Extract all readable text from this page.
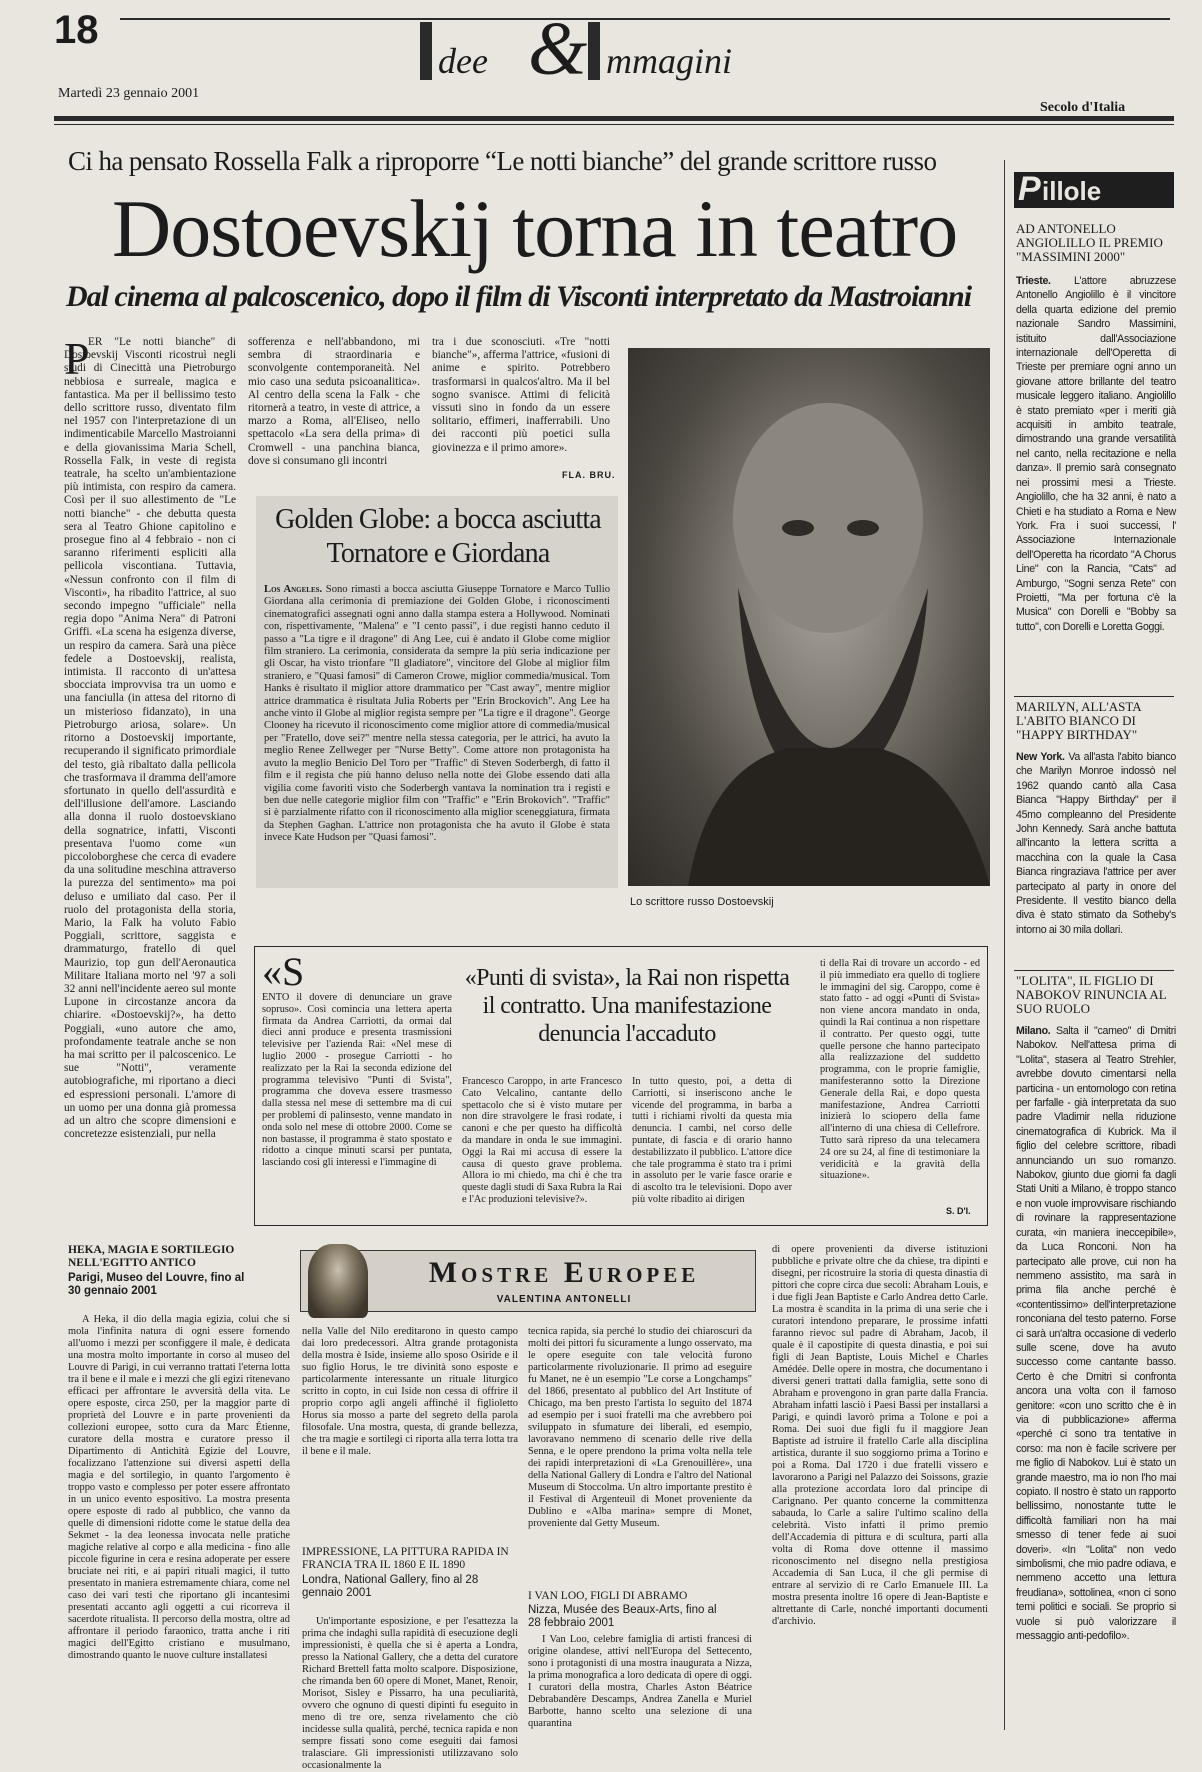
18
dee & mmagini
Martedì 23 gennaio 2001
Secolo d'Italia
Ci ha pensato Rossella Falk a riproporre “Le notti bianche” del grande scrittore russo
Dostoevskij torna in teatro
Dal cinema al palcoscenico, dopo il film di Visconti interpretato da Mastroianni
P
ER "Le notti bianche" di Dostoevskij Visconti ricostruì negli studi di Cinecittà una Pietroburgo nebbiosa e surreale, magica e fantastica. Ma per il bellissimo testo dello scrittore russo, diventato film nel 1957 con l'interpretazione di un indimenticabile Marcello Mastroianni e della giovanissima Maria Schell, Rossella Falk, in veste di regista teatrale, ha scelto un'ambientazione più intimista, con respiro da camera. Così per il suo allestimento de "Le notti bianche" - che debutta questa sera al Teatro Ghione capitolino e prosegue fino al 4 febbraio - non ci saranno riferimenti espliciti alla pellicola viscontiana. Tuttavia, «Nessun confronto con il film di Visconti», ha ribadito l'attrice, al suo secondo impegno "ufficiale" nella regia dopo "Anima Nera" di Patroni Griffi. «La scena ha esigenza diverse, un respiro da camera. Sarà una pièce fedele a Dostoevskij, realista, intimista. Il racconto di un'attesa sbocciata improvvisa tra un uomo e una fanciulla (in attesa del ritorno di un misterioso fidanzato), in una Pietroburgo ariosa, solare». Un ritorno a Dostoevskij importante, recuperando il significato primordiale del testo, già ribaltato dalla pellicola che trasformava il dramma dell'amore sfortunato in quello dell'assurdità e dell'illusione dell'amore. Lasciando alla donna il ruolo dostoevskiano della sognatrice, infatti, Visconti presentava l'uomo come «un piccoloborghese che cerca di evadere da una solitudine meschina attraverso la purezza del sentimento» ma poi deluso e umiliato dal caso. Per il ruolo del protagonista della storia, Mario, la Falk ha voluto Fabio Poggiali, scrittore, saggista e drammaturgo, fratello di quel Maurizio, top gun dell'Aeronautica Militare Italiana morto nel '97 a soli 32 anni nell'incidente aereo sul monte Lupone in circostanze ancora da chiarire. «Dostoevskij?», ha detto Poggiali, «uno autore che amo, profondamente teatrale anche se non ha mai scritto per il palcoscenico. Le sue "Notti", veramente autobiografiche, mi riportano a dieci ed espressioni personali. L'amore di un uomo per una donna già promessa ad un altro che scopre dimensioni e concretezze esistenziali, pur nella
sofferenza e nell'abbandono, mi sembra di straordinaria e sconvolgente contemporaneità. Nel mio caso una seduta psicoanalitica». Al centro della scena la Falk - che ritornerà a teatro, in veste di attrice, a marzo a Roma, all'Eliseo, nello spettacolo «La sera della prima» di Cromwell - una panchina bianca, dove si consumano gli incontri
tra i due sconosciuti. «Tre "notti bianche"», afferma l'attrice, «fusioni di anime e spirito. Potrebbero trasformarsi in qualcos'altro. Ma il bel sogno svanisce. Attimi di felicità vissuti sino in fondo da un essere solitario, effimeri, inafferrabili. Uno dei racconti più poetici sulla giovinezza e il primo amore».
FLA. BRU.
Lo scrittore russo Dostoevskij
Golden Globe: a bocca asciutta
Tornatore e Giordana
Los Angeles. Sono rimasti a bocca asciutta Giuseppe Tornatore e Marco Tullio Giordana alla cerimonia di premiazione dei Golden Globe, i riconoscimenti cinematografici assegnati ogni anno dalla stampa estera a Hollywood. Nominati con, rispettivamente, "Malena" e "I cento passi", i due registi hanno ceduto il passo a "La tigre e il dragone" di Ang Lee, cui è andato il Globe come miglior film straniero. La cerimonia, considerata da sempre la più seria indicazione per gli Oscar, ha visto trionfare "Il gladiatore", vincitore del Globe al miglior film straniero, e "Quasi famosi" di Cameron Crowe, miglior commedia/musical. Tom Hanks è risultato il miglior attore drammatico per "Cast away", mentre miglior attrice drammatica è risultata Julia Roberts per "Erin Brockovich". Ang Lee ha anche vinto il Globe al miglior regista sempre per "La tigre e il dragone". George Clooney ha ricevuto il riconoscimento come miglior attore di commedia/musical per "Fratello, dove sei?" mentre nella stessa categoria, per le attrici, ha avuto la meglio Renee Zellweger per "Nurse Betty". Come attore non protagonista ha avuto la meglio Benicio Del Toro per "Traffic" di Steven Soderbergh, di fatto il film e il regista che più hanno deluso nella notte dei Globe essendo dati alla vigilia come favoriti visto che Soderbergh vantava la nomination tra i registi e ben due nelle categorie miglior film con "Traffic" e "Erin Brokovich". "Traffic" si è parzialmente rifatto con il riconoscimento alla miglior sceneggiatura, firmata da Stephen Gaghan. L'attrice non protagonista che ha avuto il Globe è stata invece Kate Hudson per "Quasi famosi".
P illole
AD ANTONELLO ANGIOLILLO IL PREMIO "MASSIMINI 2000"
Trieste. L'attore abruzzese Antonello Angiolillo è il vincitore della quarta edizione del premio nazionale Sandro Massimini, istituito dall'Associazione internazionale dell'Operetta di Trieste per premiare ogni anno un giovane attore brillante del teatro musicale leggero italiano. Angiolillo è stato premiato «per i meriti già acquisiti in ambito teatrale, dimostrando una grande versatilità nel canto, nella recitazione e nella danza». Il premio sarà consegnato nei prossimi mesi a Trieste. Angiolillo, che ha 32 anni, è nato a Chieti e ha studiato a Roma e New York. Fra i suoi successi, l' Associazione Internazionale dell'Operetta ha ricordato "A Chorus Line" con la Rancia, "Cats" ad Amburgo, "Sogni senza Rete" con Proietti, "Ma per fortuna c'è la Musica" con Dorelli e "Bobby sa tutto", con Dorelli e Loretta Goggi.
MARILYN, ALL'ASTA L'ABITO BIANCO DI "HAPPY BIRTHDAY"
New York. Va all'asta l'abito bianco che Marilyn Monroe indossò nel 1962 quando cantò alla Casa Bianca "Happy Birthday" per il 45mo compleanno del Presidente John Kennedy. Sarà anche battuta all'incanto la lettera scritta a macchina con la quale la Casa Bianca ringraziava l'attrice per aver partecipato al party in onore del Presidente. Il vestito bianco della diva è stato stimato da Sotheby's intorno ai 30 mila dollari.
"LOLITA", IL FIGLIO DI NABOKOV RINUNCIA AL SUO RUOLO
Milano. Salta il "cameo" di Dmitri Nabokov. Nell'attesa prima di "Lolita", stasera al Teatro Strehler, avrebbe dovuto cimentarsi nella particina - un entomologo con retina per farfalle - già interpretata da suo padre Vladimir nella riduzione cinematografica di Kubrick. Ma il figlio del celebre scrittore, ribadì annunciando un suo romanzo. Nabokov, giunto due giorni fa dagli Stati Uniti a Milano, è troppo stanco e non vuole improvvisare rischiando di rovinare la rappresentazione curata, «in maniera ineccepibile», da Luca Ronconi. Non ha partecipato alle prove, cui non ha nemmeno assistito, ma sarà in prima fila anche perché è «contentissimo» dell'interpretazione ronconiana del testo paterno. Forse ci sarà un'altra occasione di vederlo sulle scene, dove ha avuto successo come cantante basso. Certo è che Dmitri si confronta ancora una volta con il famoso genitore: «con uno scritto che è in via di pubblicazione» afferma «perché ci sono tra tentative in corso: ma non è facile scrivere per me figlio di Nabokov. Lui è stato un grande maestro, ma io non l'ho mai copiato. Il nostro è stato un rapporto bellissimo, nonostante tutte le difficoltà familiari non ha mai smesso di tener fede ai suoi doveri». «In "Lolita" non vedo simbolismi, che mio padre odiava, e nemmeno accetto una lettura freudiana», sottolinea, «non ci sono temi politici e sociali. Se proprio si vuole si può valorizzare il messaggio anti-pedofilo».
«S
ENTO il dovere di denunciare un grave sopruso». Così comincia una lettera aperta firmata da Andrea Carriotti, da ormai dal dieci anni produce e presenta trasmissioni televisive per l'azienda Rai: «Nel mese di luglio 2000 - prosegue Carriotti - ho realizzato per la Rai la seconda edizione del programma televisivo "Punti di Svista", programma che doveva essere trasmesso dalla stessa nel mese di settembre ma di cui per problemi di palinsesto, venne mandato in onda solo nel mese di ottobre 2000. Come se non bastasse, il programma è stato spostato e ridotto a cinque minuti scarsi per puntata, lasciando così gli interessi e l'immagine di
«Punti di svista», la Rai non rispetta il contratto. Una manifestazione denuncia l'accaduto
Francesco Caroppo, in arte Francesco Cato Velcalino, cantante dello spettacolo che si è visto mutare per non dire stravolgere le frasi rodate, i canoni e che per questo ha difficoltà da mandare in onda le sue immagini. Oggi la Rai mi accusa di essere la causa di questo grave problema. Allora io mi chiedo, ma chi è che tra queste dagli studi di Saxa Rubra la Rai e l'Ac produzioni televisive?».
In tutto questo, poi, a detta di Carriotti, si inseriscono anche le vicende del programma, in barba a tutti i richiami rivolti da questa mia denuncia. I cambi, nel corso delle puntate, di fascia e di orario hanno destabilizzato il pubblico. L'attore dice che tale programma è stato tra i primi in assoluto per le varie fasce orarie e di ascolto tra le televisioni. Dopo aver più volte ribadito ai dirigen
ti della Rai di trovare un accordo - ed il più immediato era quello di togliere le immagini del sig. Caroppo, come è stato fatto - ad oggi «Punti di Svista» non viene ancora mandato in onda, quindi la Rai continua a non rispettare il contratto. Per questo oggi, tutte quelle persone che hanno partecipato alla realizzazione del suddetto programma, con le proprie famiglie, manifesteranno sotto la Direzione Generale della Rai, e dopo questa manifestazione, Andrea Carriotti inizierà lo sciopero della fame all'interno di una chiesa di Cellefrore. Tutto sarà ripreso da una telecamera 24 ore su 24, al fine di testimoniare la veridicità e la gravità della situazione».
S. D'I.
Mostre Europee
VALENTINA ANTONELLI
HEKA, MAGIA E SORTILEGIO NELL'EGITTO ANTICO
Parigi, Museo del Louvre, fino al 30 gennaio 2001
A Heka, il dio della magia egizia, colui che si mola l'infinita natura di ogni essere fornendo all'uomo i mezzi per sconfiggere il male, è dedicata una mostra molto importante in corso al museo del Louvre di Parigi, in cui verranno trattati l'eterna lotta tra il bene e il male e i mezzi che gli egizi ritenevano efficaci per affrontare le avversità della vita. Le opere esposte, circa 250, per la maggior parte di proprietà del Louvre e in parte provenienti da collezioni europee, sotto cura da Marc Étienne, curatore della mostra e curatore presso il Dipartimento di Antichità Egizie del Louvre, focalizzano l'attenzione sui diversi aspetti della magia e del sortilegio, in quanto l'argomento è troppo vasto e complesso per poter essere affrontato in un unico evento espositivo. La mostra presenta opere esposte di rado al pubblico, che vanno da quelle di dimensioni ridotte come le statue della dea Sekmet - la dea leonessa invocata nelle pratiche magiche relative al corpo e alla medicina - fino alle piccole figurine in cera e resina adoperate per essere bruciate nei riti, e ai papiri rituali magici, il tutto presentato in maniera estremamente chiara, come nel caso dei vari testi che riportano gli incantesimi presentati accanto agli oggetti a cui ricorreva il sacerdote ritualista. Il percorso della mostra, oltre ad affrontare il periodo faraonico, tratta anche i riti magici dell'Egitto cristiano e musulmano, dimostrando quanto le nuove culture installatesi
nella Valle del Nilo ereditarono in questo campo dai loro predecessori. Altra grande protagonista della mostra è Iside, insieme allo sposo Osiride e il suo figlio Horus, le tre divinità sono esposte e particolarmente interessante un rituale liturgico scritto in copto, in cui Iside non cessa di offrire il proprio corpo agli angeli affinché il figlioletto Horus sia mosso a parte del segreto della parola filosofale. Una mostra, questa, di grande bellezza, che tra magie e sortilegi ci riporta alla terra lotta tra il bene e il male.
IMPRESSIONE, LA PITTURA RAPIDA IN FRANCIA TRA IL 1860 E IL 1890
Londra, National Gallery, fino al 28 gennaio 2001
Un'importante esposizione, e per l'esattezza la prima che indaghi sulla rapidità di esecuzione degli impressionisti, è quella che si è aperta a Londra, presso la National Gallery, che a detta del curatore Richard Brettell fatta molto scalpore. Disposizione, che rimanda ben 60 opere di Monet, Manet, Renoir, Morisot, Sisley e Pissarro, ha una peculiarità, ovvero che ognuno di questi dipinti fu eseguito in meno di tre ore, senza rivelamento che ciò incidesse sulla qualità, perché, tecnica rapida e non sempre fissati sono come eseguiti dai famosi tralasciare. Gli impressionisti utilizzavano solo occasionalmente la
tecnica rapida, sia perché lo studio dei chiaroscuri da molti dei pittori fu sicuramente a lungo osservato, ma le opere eseguite con tale velocità furono particolarmente rivoluzionarie. Il primo ad eseguire fu Manet, ne è un esempio "Le corse a Longchamps" del 1866, presentato al pubblico del Art Institute of Chicago, ma ben presto l'artista lo seguito del 1874 ad esempio per i suoi fratelli ma che avrebbero poi sviluppato in sfumature dei liberali, ed esempio, lavoravano nemmeno di scenario delle rive della Senna, e le opere prendono la prima volta nella tele dei rapidi interpretazioni di «La Grenouillère», una della National Gallery di Londra e l'altro del National Museum di Stoccolma. Un altro importante prestito è il Festival di Argenteuil di Monet proveniente da Dublino e «Alba marina» sempre di Monet, proveniente dal Getty Museum.
I VAN LOO, FIGLI DI ABRAMO
Nizza, Musée des Beaux-Arts, fino al 28 febbraio 2001
I Van Loo, celebre famiglia di artisti francesi di origine olandese, attivi nell'Europa del Settecento, sono i protagonisti di una mostra inaugurata a Nizza, la prima monografica a loro dedicata di opere di oggi. I curatori della mostra, Charles Aston Béatrice Debrabandère Descamps, Andrea Zanella e Muriel Barbotte, hanno scelto una selezione di una quarantina
di opere provenienti da diverse istituzioni pubbliche e private oltre che da chiese, tra dipinti e disegni, per ricostruire la storia di questa dinastia di pittori che copre circa due secoli: Abraham Louis, e i due figli Jean Baptiste e Carlo Andrea detto Carle. La mostra è scandita in la prima di una serie che i curatori intendono preparare, le prossime infatti faranno rievoc sul padre di Abraham, Jacob, il quale è il capostipite di questa dinastia, e poi sui figli di Jean Baptiste, Louis Michel e Charles Amédée. Delle opere in mostra, che documentano i diversi generi trattati dalla famiglia, sette sono di Abraham e provengono in gran parte dalla Francia. Abraham infatti lasciò i Paesi Bassi per installarsi a Parigi, e quindi lavorò prima a Tolone e poi a Roma. Dei suoi due figli fu il maggiore Jean Baptiste ad istruire il fratello Carle alla disciplina artistica, durante il suo soggiorno prima a Torino e poi a Roma. Dal 1720 i due fratelli vissero e lavorarono a Parigi nel Palazzo dei Soissons, grazie alla protezione accordata loro dal principe di Carignano. Per quanto concerne la committenza sabauda, lo Carle a salire l'ultimo scalino della celebrità. Visto infatti il primo premio dell'Accademia di pittura e di scultura, parti alla volta di Roma dove ottenne il massimo riconoscimento nel disegno nella prestigiosa Accademia di San Luca, il che gli permise di entrare al servizio di re Carlo Emanuele III. La mostra presenta inoltre 16 opere di Jean-Baptiste e altrettante di Carle, nonché importanti documenti d'archivio.
